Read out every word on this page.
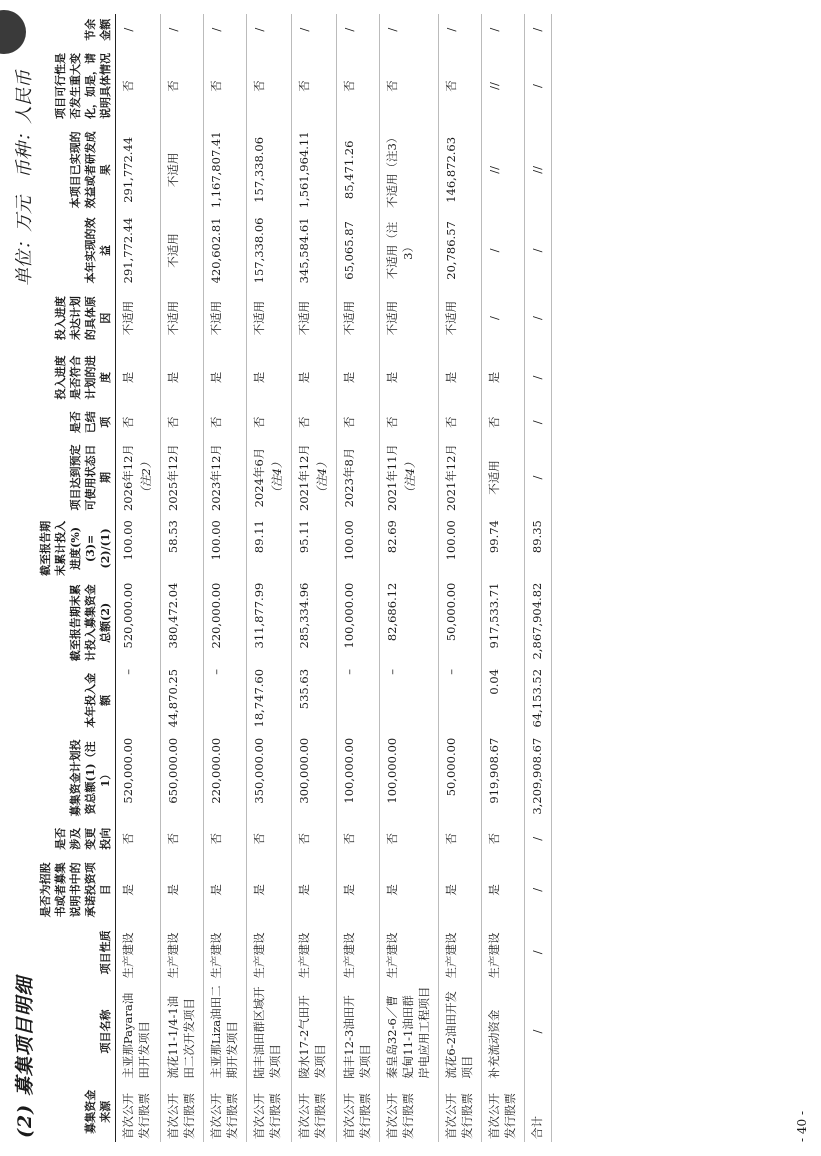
(2) 募集项目明细
单位：万元　币种：人民币
募集资金来源	项目名称	项目性质	是否为招股书或者募集说明书中的承诺投资项目	是否涉及变更投向	募集资金计划投资总额(1)（注1）	本年投入金额	截至报告期末累计投入募集资金总额(2)	截至报告期末累计投入进度(%)(3)=(2)/(1)	项目达到预定可使用状态日期	是否已结项	投入进度是否符合计划的进度	投入进度未达计划的具体原因	本年实现的效益	本项目已实现的效益或者研发成果	项目可行性是否发生重大变化，如是，请说明具体情况	节余金额
首次公开发行股票	主亚那Payara油田开发项目	生产建设	是	否	520,000.00	–	520,000.00	100.00	2026年12月 （注2）	否	是	不适用	291,772.44	291,772.44	否	/
首次公开发行股票	流花11-1/4-1油田二次开发项目	生产建设	是	否	650,000.00	44,870.25	380,472.04	58.53	2025年12月	否	是	不适用	不适用	不适用	否	/
首次公开发行股票	主亚那Liza油田二期开发项目	生产建设	是	否	220,000.00	–	220,000.00	100.00	2023年12月	否	是	不适用	420,602.81	1,167,807.41	否	/
首次公开发行股票	陆丰油田群区域开发项目	生产建设	是	否	350,000.00	18,747.60	311,877.99	89.11	2024年6月 （注4）	否	是	不适用	157,338.06	157,338.06	否	/
首次公开发行股票	陵水17-2气田开发项目	生产建设	是	否	300,000.00	535.63	285,334.96	95.11	2021年12月 （注4）	否	是	不适用	345,584.61	1,561,964.11	否	/
首次公开发行股票	陆丰12-3油田开发项目	生产建设	是	否	100,000.00	–	100,000.00	100.00	2023年8月	否	是	不适用	65,065.87	85,471.26	否	/
首次公开发行股票	秦皇岛32-6／曹妃甸11-1油田群岸电应用工程项目	生产建设	是	否	100,000.00	–	82,686.12	82.69	2021年11月 （注4）	否	是	不适用	不适用（注3）	不适用（注3）	否	/
首次公开发行股票	流花6-2油田开发项目	生产建设	是	否	50,000.00	–	50,000.00	100.00	2021年12月	否	是	不适用	20,786.57	146,872.63	否	/
首次公开发行股票	补充流动资金	生产建设	是	否	919,908.67	0.04	917,533.71	99.74	不适用	否	是	/	/	//	//	/
合计	/	/	/	/	3,209,908.67	64,153.52	2,867,904.82	89.35	/	/	/	/	/	//	/	/
- 40 -
